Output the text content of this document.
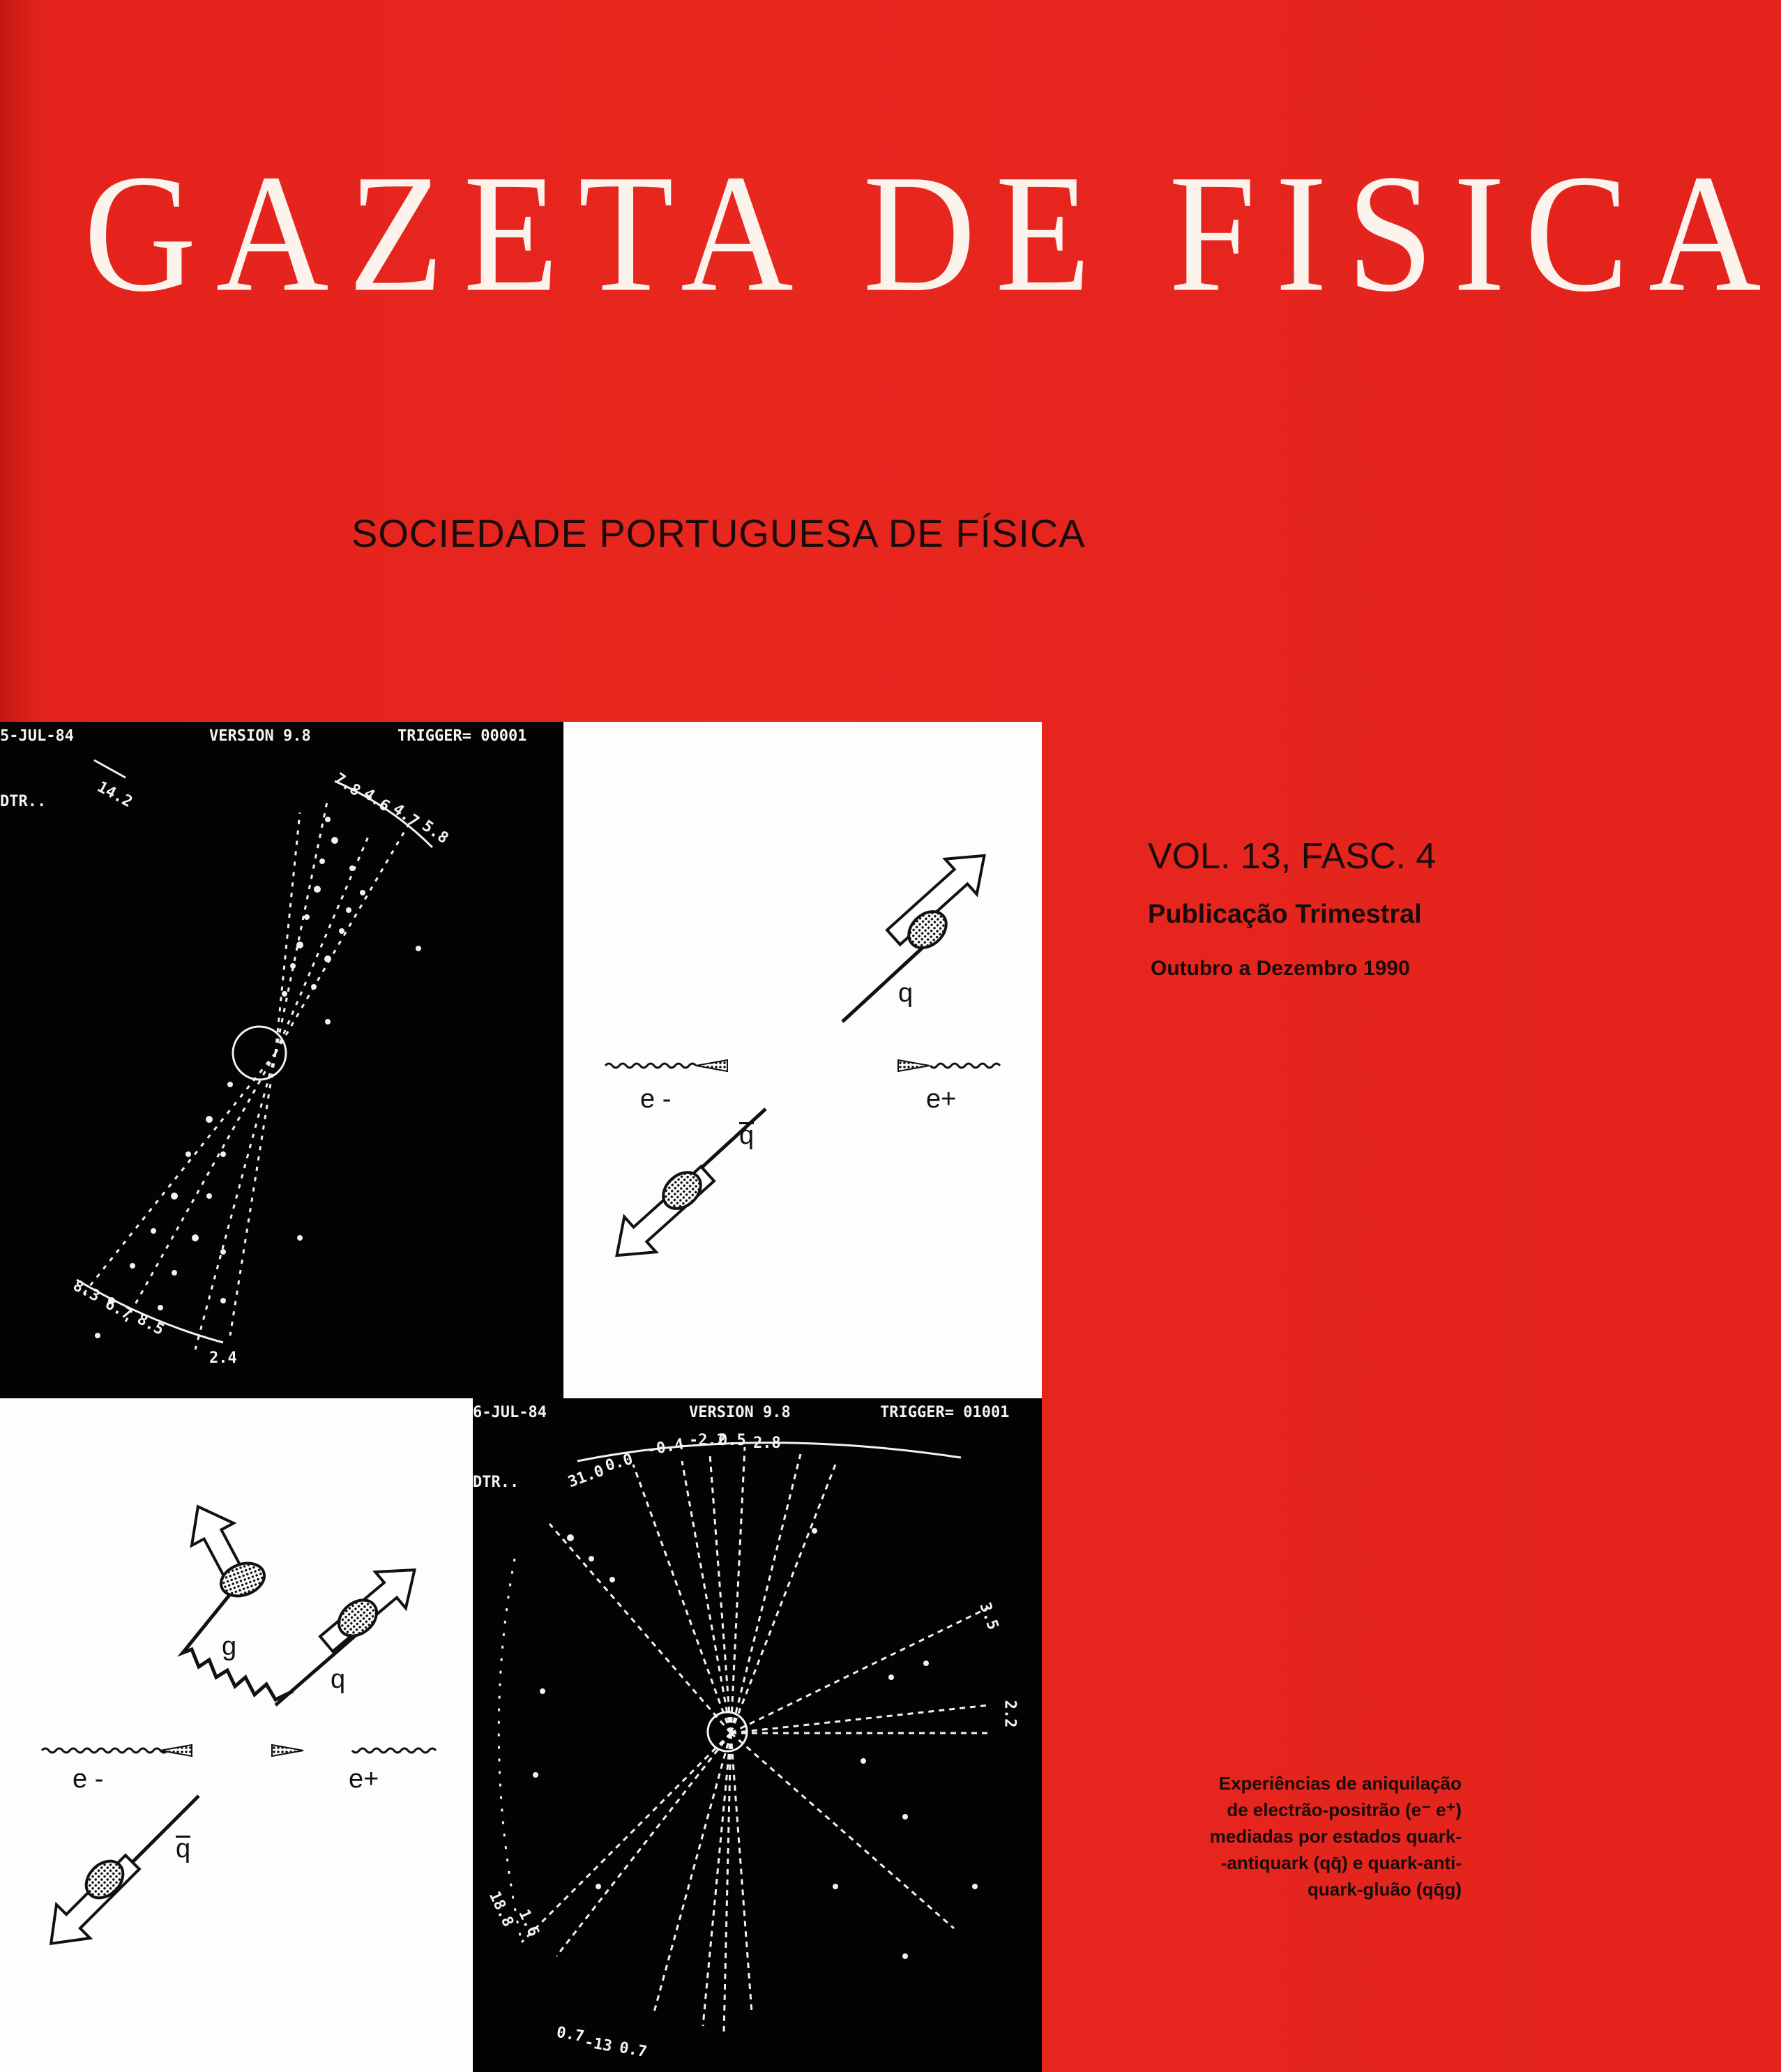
GAZETA DE FISICA
SOCIEDADE PORTUGUESA DE FÍSICA
5-JUL-84	VERSION 9.8	TRIGGER= 00001
DTR..	14.2	7.8
4.6
4.7
5.8
8.3
6.7
8.5
2.4
q
q
e -	e+
g
q
q
e -	e+
6-JUL-84	VERSION 9.8	TRIGGER= 01001
DTR..	31.0
0.0
-0.4 -2.2
0.5 2.8
3.5
2.2
18.8
1.6
0.7
-13 0.7
VOL. 13, FASC. 4
Publicação Trimestral
Outubro a Dezembro 1990

Experiências de aniquilação
de electrão-positrão (e⁻ e⁺)
mediadas por estados quark-
-antiquark (qq̄) e quark-anti-
quark-gluão (qq̄g)
